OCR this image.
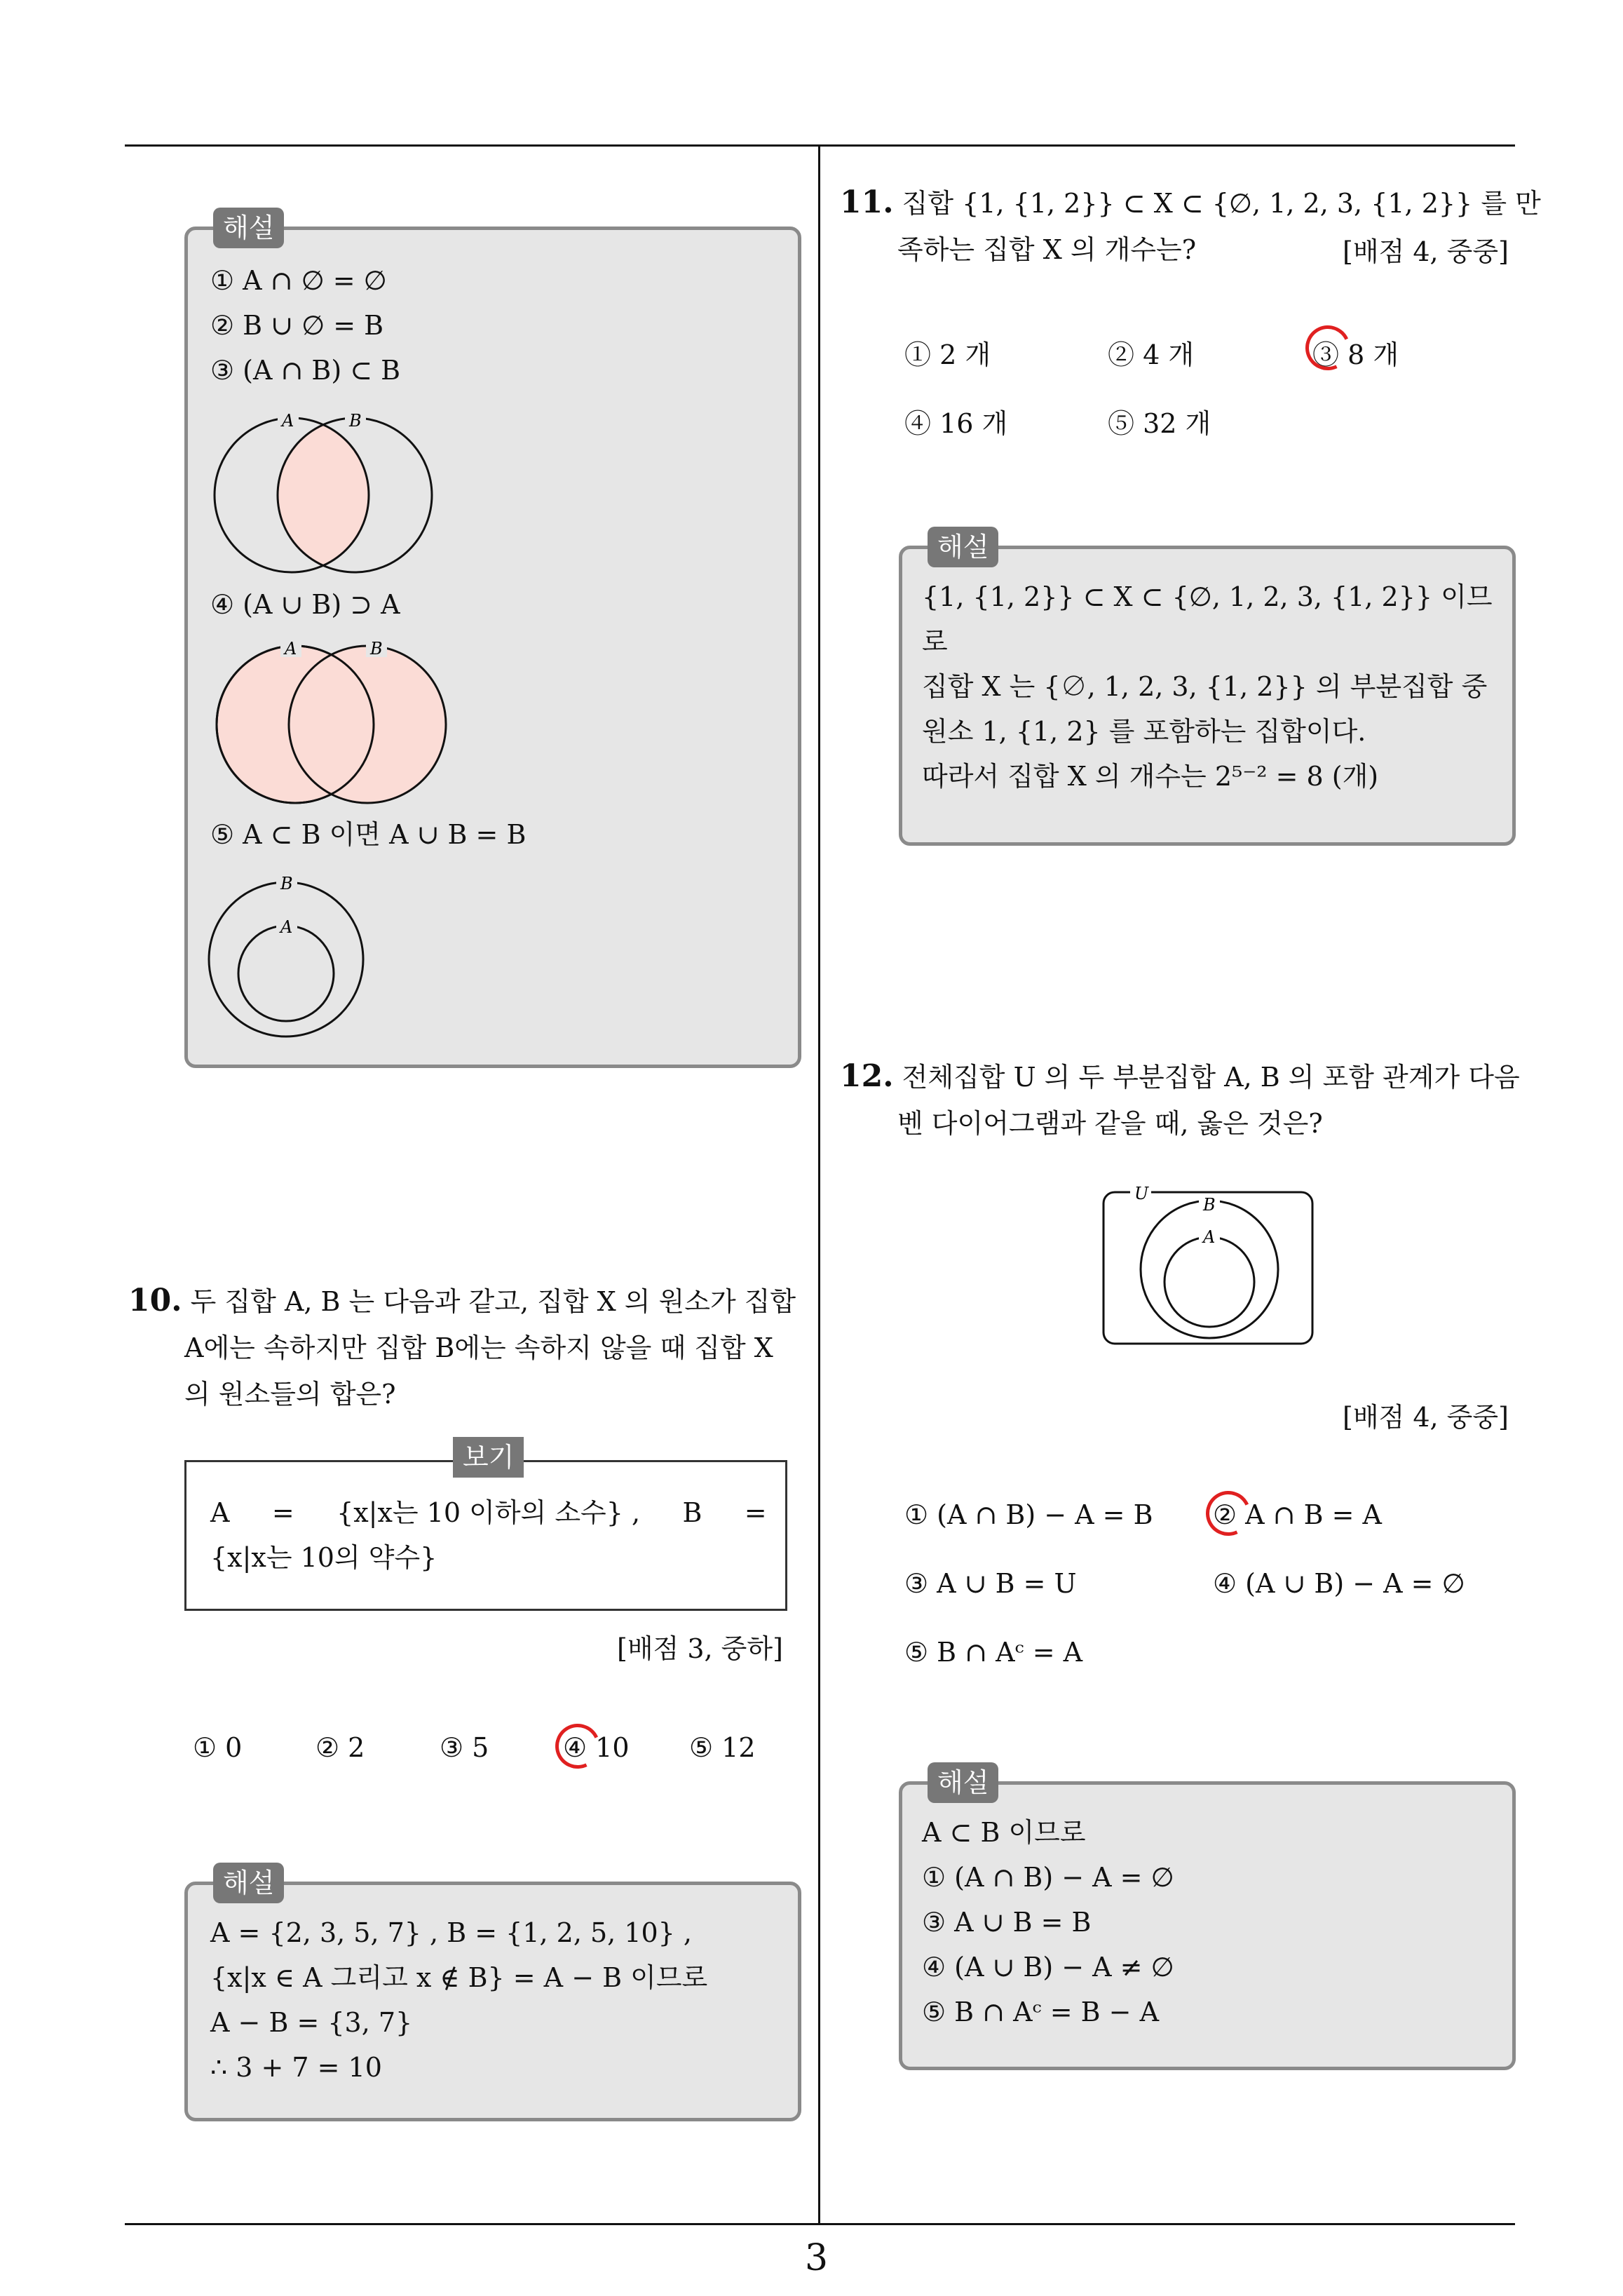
해설
① A ∩ ∅ = ∅
② B ∪ ∅ = B
③ (A ∩ B) ⊂ B
A	B
④ (A ∪ B) ⊃ A
A	B
⑤ A ⊂ B 이면 A ∪ B = B
B
A
10. 두 집합 A, B 는 다음과 같고, 집합 X 의 원소가 집합
A에는 속하지만 집합 B에는 속하지 않을 때 집합 X
의 원소들의 합은?
보기
A     =     {x|x는 10 이하의 소수} ,     B     =
{x|x는 10의 약수}
[배점 3, 중하]
① 0	② 2	③ 5	④ 10 ⑤ 12
해설
A = {2, 3, 5, 7} , B = {1, 2, 5, 10} ,
{x|x ∈ A 그리고 x ∉ B} = A − B 이므로
A − B = {3, 7}
∴ 3 + 7 = 10
11. 집합 {1, {1, 2}} ⊂ X ⊂ {∅, 1, 2, 3, {1, 2}} 를 만
족하는 집합 X 의 개수는?	[배점 4, 중중]
① 2 개	② 4 개	③ 8 개
④ 16 개	⑤ 32 개
해설
{1, {1, 2}} ⊂ X ⊂ {∅, 1, 2, 3, {1, 2}} 이므
로
집합 X 는 {∅, 1, 2, 3, {1, 2}} 의 부분집합 중
원소 1, {1, 2} 를 포함하는 집합이다.
따라서 집합 X 의 개수는 2⁵⁻² = 8 (개)
12. 전체집합 U 의 두 부분집합 A, B 의 포함 관계가 다음
벤 다이어그램과 같을 때, 옳은 것은?
U
B
A
[배점 4, 중중]
① (A ∩ B) − A = B ② A ∩ B = A
③ A ∪ B = U	④ (A ∪ B) − A = ∅
⑤ B ∩ Aᶜ = A
해설
A ⊂ B 이므로
① (A ∩ B) − A = ∅
③ A ∪ B = B
④ (A ∪ B) − A ≠ ∅
⑤ B ∩ Aᶜ = B − A
3
